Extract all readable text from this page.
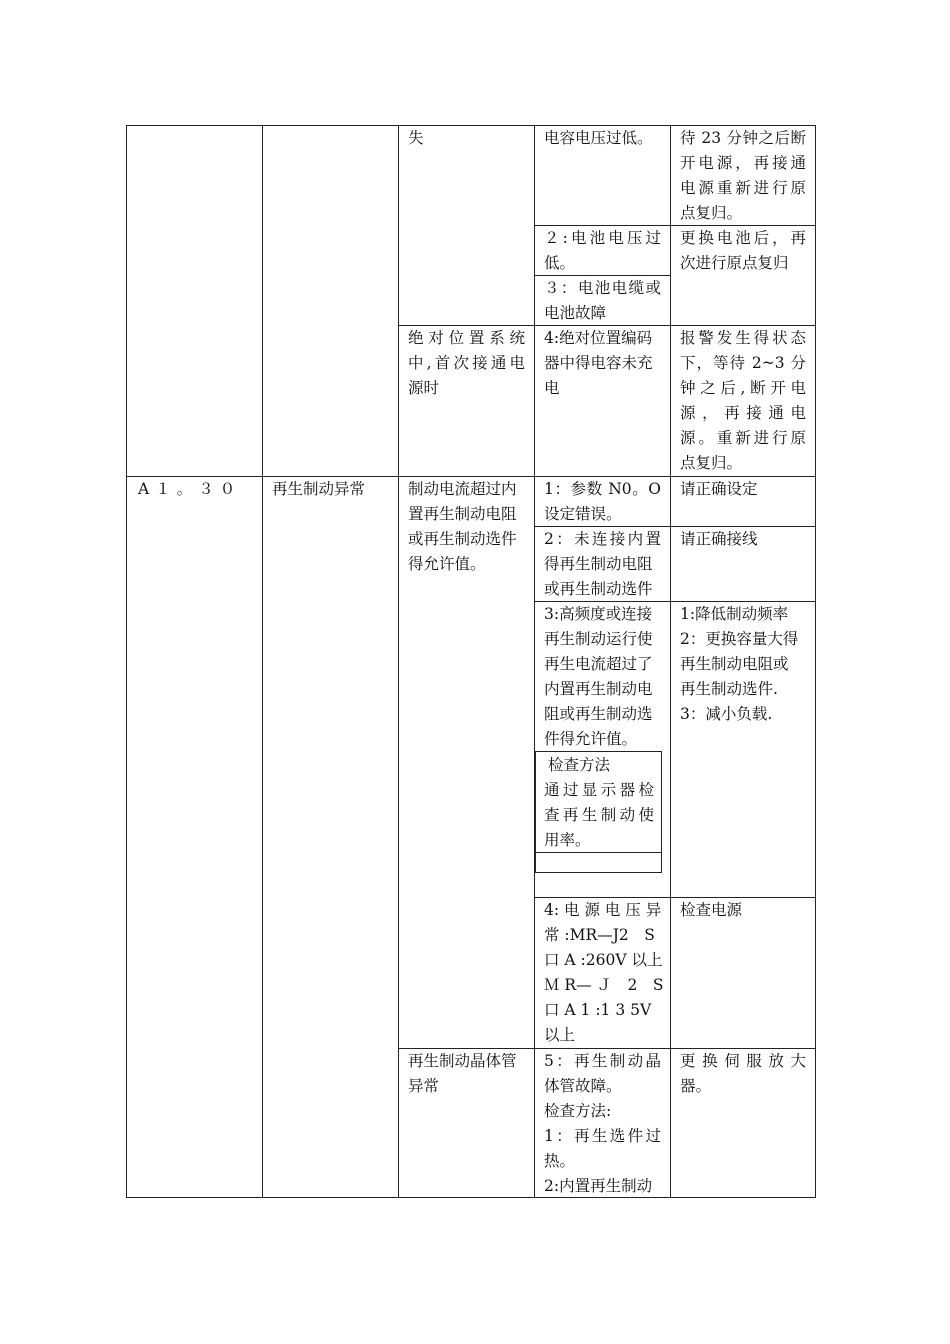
A１。３０ 再生制动异常
失
绝对位置系统
中,首次接通电
源时
制动电流超过内
置再生制动电阻
或再生制动选件
得允许值。
再生制动晶体管
异常
电容电压过低。
２:电池电压过
低。
３：电池电缆或
电池故障
4:绝对位置编码
器中得电容未充
电
1：参数 N0。O
设定错误。
2：未连接内置
得再生制动电阻
或再生制动选件
3:高频度或连接
再生制动运行使
再生电流超过了
内置再生制动电
阻或再生制动选
件得允许值。
检查方法
通过显示器检
查再生制动使
用率。
4: 电 源 电 压 异
常 :MR—J2　S
口 A :260V 以上
Ｍ R— Ｊ　2　S
口 A 1 :1 3 5V
以上
5：再生制动晶
体管故障。
检查方法:
1：再生选件过
热。
2:内置再生制动
待 23 分钟之后断
开电源，再接通
电源重新进行原
点复归。
更换电池后，再
次进行原点复归
报警发生得状态
下，等待 2~3 分
钟之后,断开电
源，再接通电
源。重新进行原
点复归。
请正确设定
请正确接线
1:降低制动频率
2：更换容量大得
再生制动电阻或
再生制动选件.
3：减小负载.
检查电源
更换伺服放大
器。
